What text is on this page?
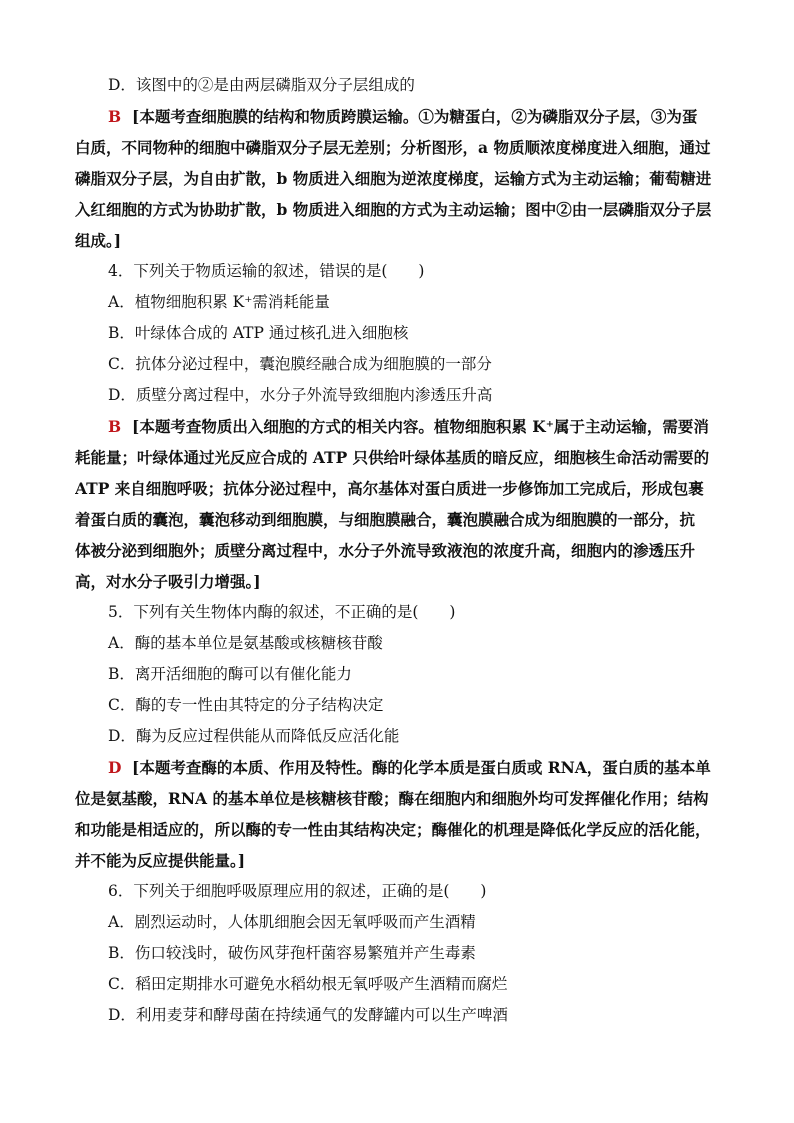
D．该图中的②是由两层磷脂双分子层组成的
B [本题考查细胞膜的结构和物质跨膜运输。①为糖蛋白，②为磷脂双分子层，③为蛋
白质，不同物种的细胞中磷脂双分子层无差别；分析图形，a 物质顺浓度梯度进入细胞，通过
磷脂双分子层，为自由扩散，b 物质进入细胞为逆浓度梯度，运输方式为主动运输；葡萄糖进
入红细胞的方式为协助扩散，b 物质进入细胞的方式为主动运输；图中②由一层磷脂双分子层
组成。]
4．下列关于物质运输的叙述，错误的是(　　)
A．植物细胞积累 K⁺需消耗能量
B．叶绿体合成的 ATP 通过核孔进入细胞核
C．抗体分泌过程中，囊泡膜经融合成为细胞膜的一部分
D．质壁分离过程中，水分子外流导致细胞内渗透压升高
B [本题考查物质出入细胞的方式的相关内容。植物细胞积累 K⁺属于主动运输，需要消
耗能量；叶绿体通过光反应合成的 ATP 只供给叶绿体基质的暗反应，细胞核生命活动需要的
ATP 来自细胞呼吸；抗体分泌过程中，高尔基体对蛋白质进一步修饰加工完成后，形成包裹
着蛋白质的囊泡，囊泡移动到细胞膜，与细胞膜融合，囊泡膜融合成为细胞膜的一部分，抗
体被分泌到细胞外；质壁分离过程中，水分子外流导致液泡的浓度升高，细胞内的渗透压升
高，对水分子吸引力增强。]
5．下列有关生物体内酶的叙述，不正确的是(　　)
A．酶的基本单位是氨基酸或核糖核苷酸
B．离开活细胞的酶可以有催化能力
C．酶的专一性由其特定的分子结构决定
D．酶为反应过程供能从而降低反应活化能
D [本题考查酶的本质、作用及特性。酶的化学本质是蛋白质或 RNA，蛋白质的基本单
位是氨基酸，RNA 的基本单位是核糖核苷酸；酶在细胞内和细胞外均可发挥催化作用；结构
和功能是相适应的，所以酶的专一性由其结构决定；酶催化的机理是降低化学反应的活化能，
并不能为反应提供能量。]
6．下列关于细胞呼吸原理应用的叙述，正确的是(　　)
A．剧烈运动时，人体肌细胞会因无氧呼吸而产生酒精
B．伤口较浅时，破伤风芽孢杆菌容易繁殖并产生毒素
C．稻田定期排水可避免水稻幼根无氧呼吸产生酒精而腐烂
D．利用麦芽和酵母菌在持续通气的发酵罐内可以生产啤酒
